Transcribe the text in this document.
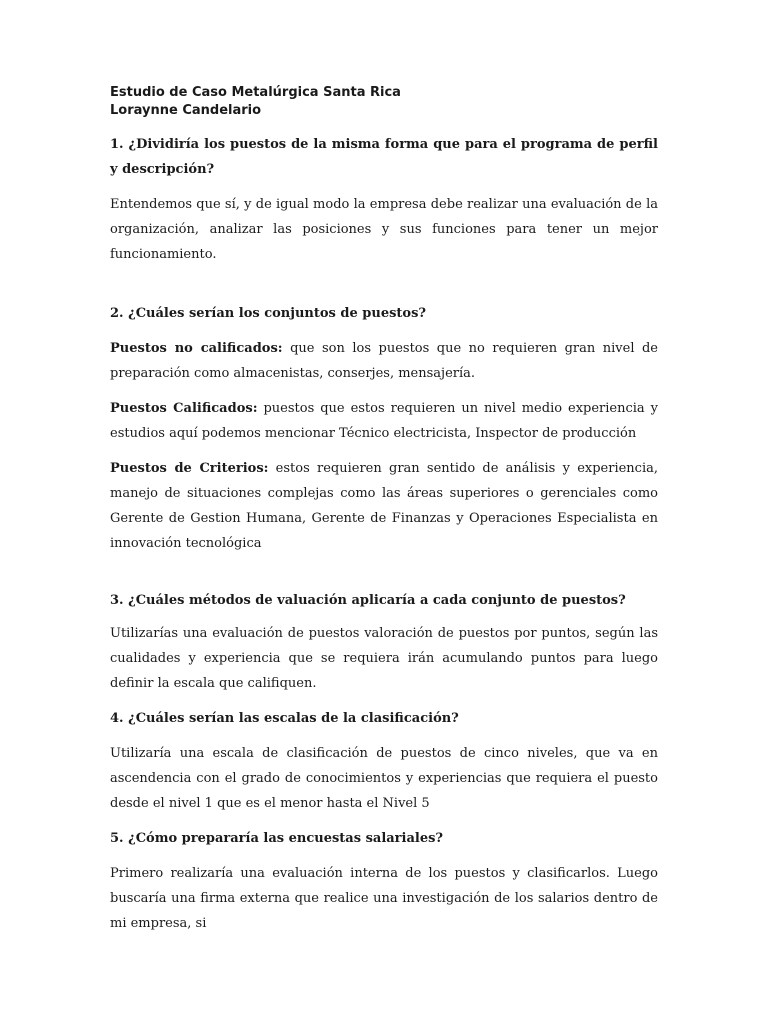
Estudio de Caso Metalúrgica Santa Rica
Loraynne Candelario

1. ¿Dividiría los puestos de la misma forma que para el programa de perfil y descripción?

Entendemos que sí, y de igual modo la empresa debe realizar una evaluación de la organización, analizar las posiciones y sus funciones para tener un mejor funcionamiento.

2. ¿Cuáles serían los conjuntos de puestos?

Puestos no calificados: que son los puestos que no requieren gran nivel de preparación como almacenistas, conserjes, mensajería.

Puestos Calificados: puestos que estos requieren un nivel medio experiencia y estudios aquí podemos mencionar Técnico electricista, Inspector de producción

Puestos de Criterios: estos requieren gran sentido de análisis y experiencia, manejo de situaciones complejas como las áreas superiores o gerenciales como Gerente de Gestion Humana, Gerente de Finanzas y Operaciones Especialista en innovación tecnológica

3. ¿Cuáles métodos de valuación aplicaría a cada conjunto de puestos?

Utilizarías una evaluación de puestos valoración de puestos por puntos, según las cualidades y experiencia que se requiera irán acumulando puntos para luego definir la escala que califiquen.

4. ¿Cuáles serían las escalas de la clasificación?

Utilizaría una escala de clasificación de puestos de cinco niveles, que va en ascendencia con el grado de conocimientos y experiencias que requiera el puesto desde el nivel 1 que es el menor hasta el Nivel 5

5. ¿Cómo prepararía las encuestas salariales?

Primero realizaría una evaluación interna de los puestos y clasificarlos. Luego buscaría una firma externa que realice una investigación de los salarios dentro de mi empresa, si
